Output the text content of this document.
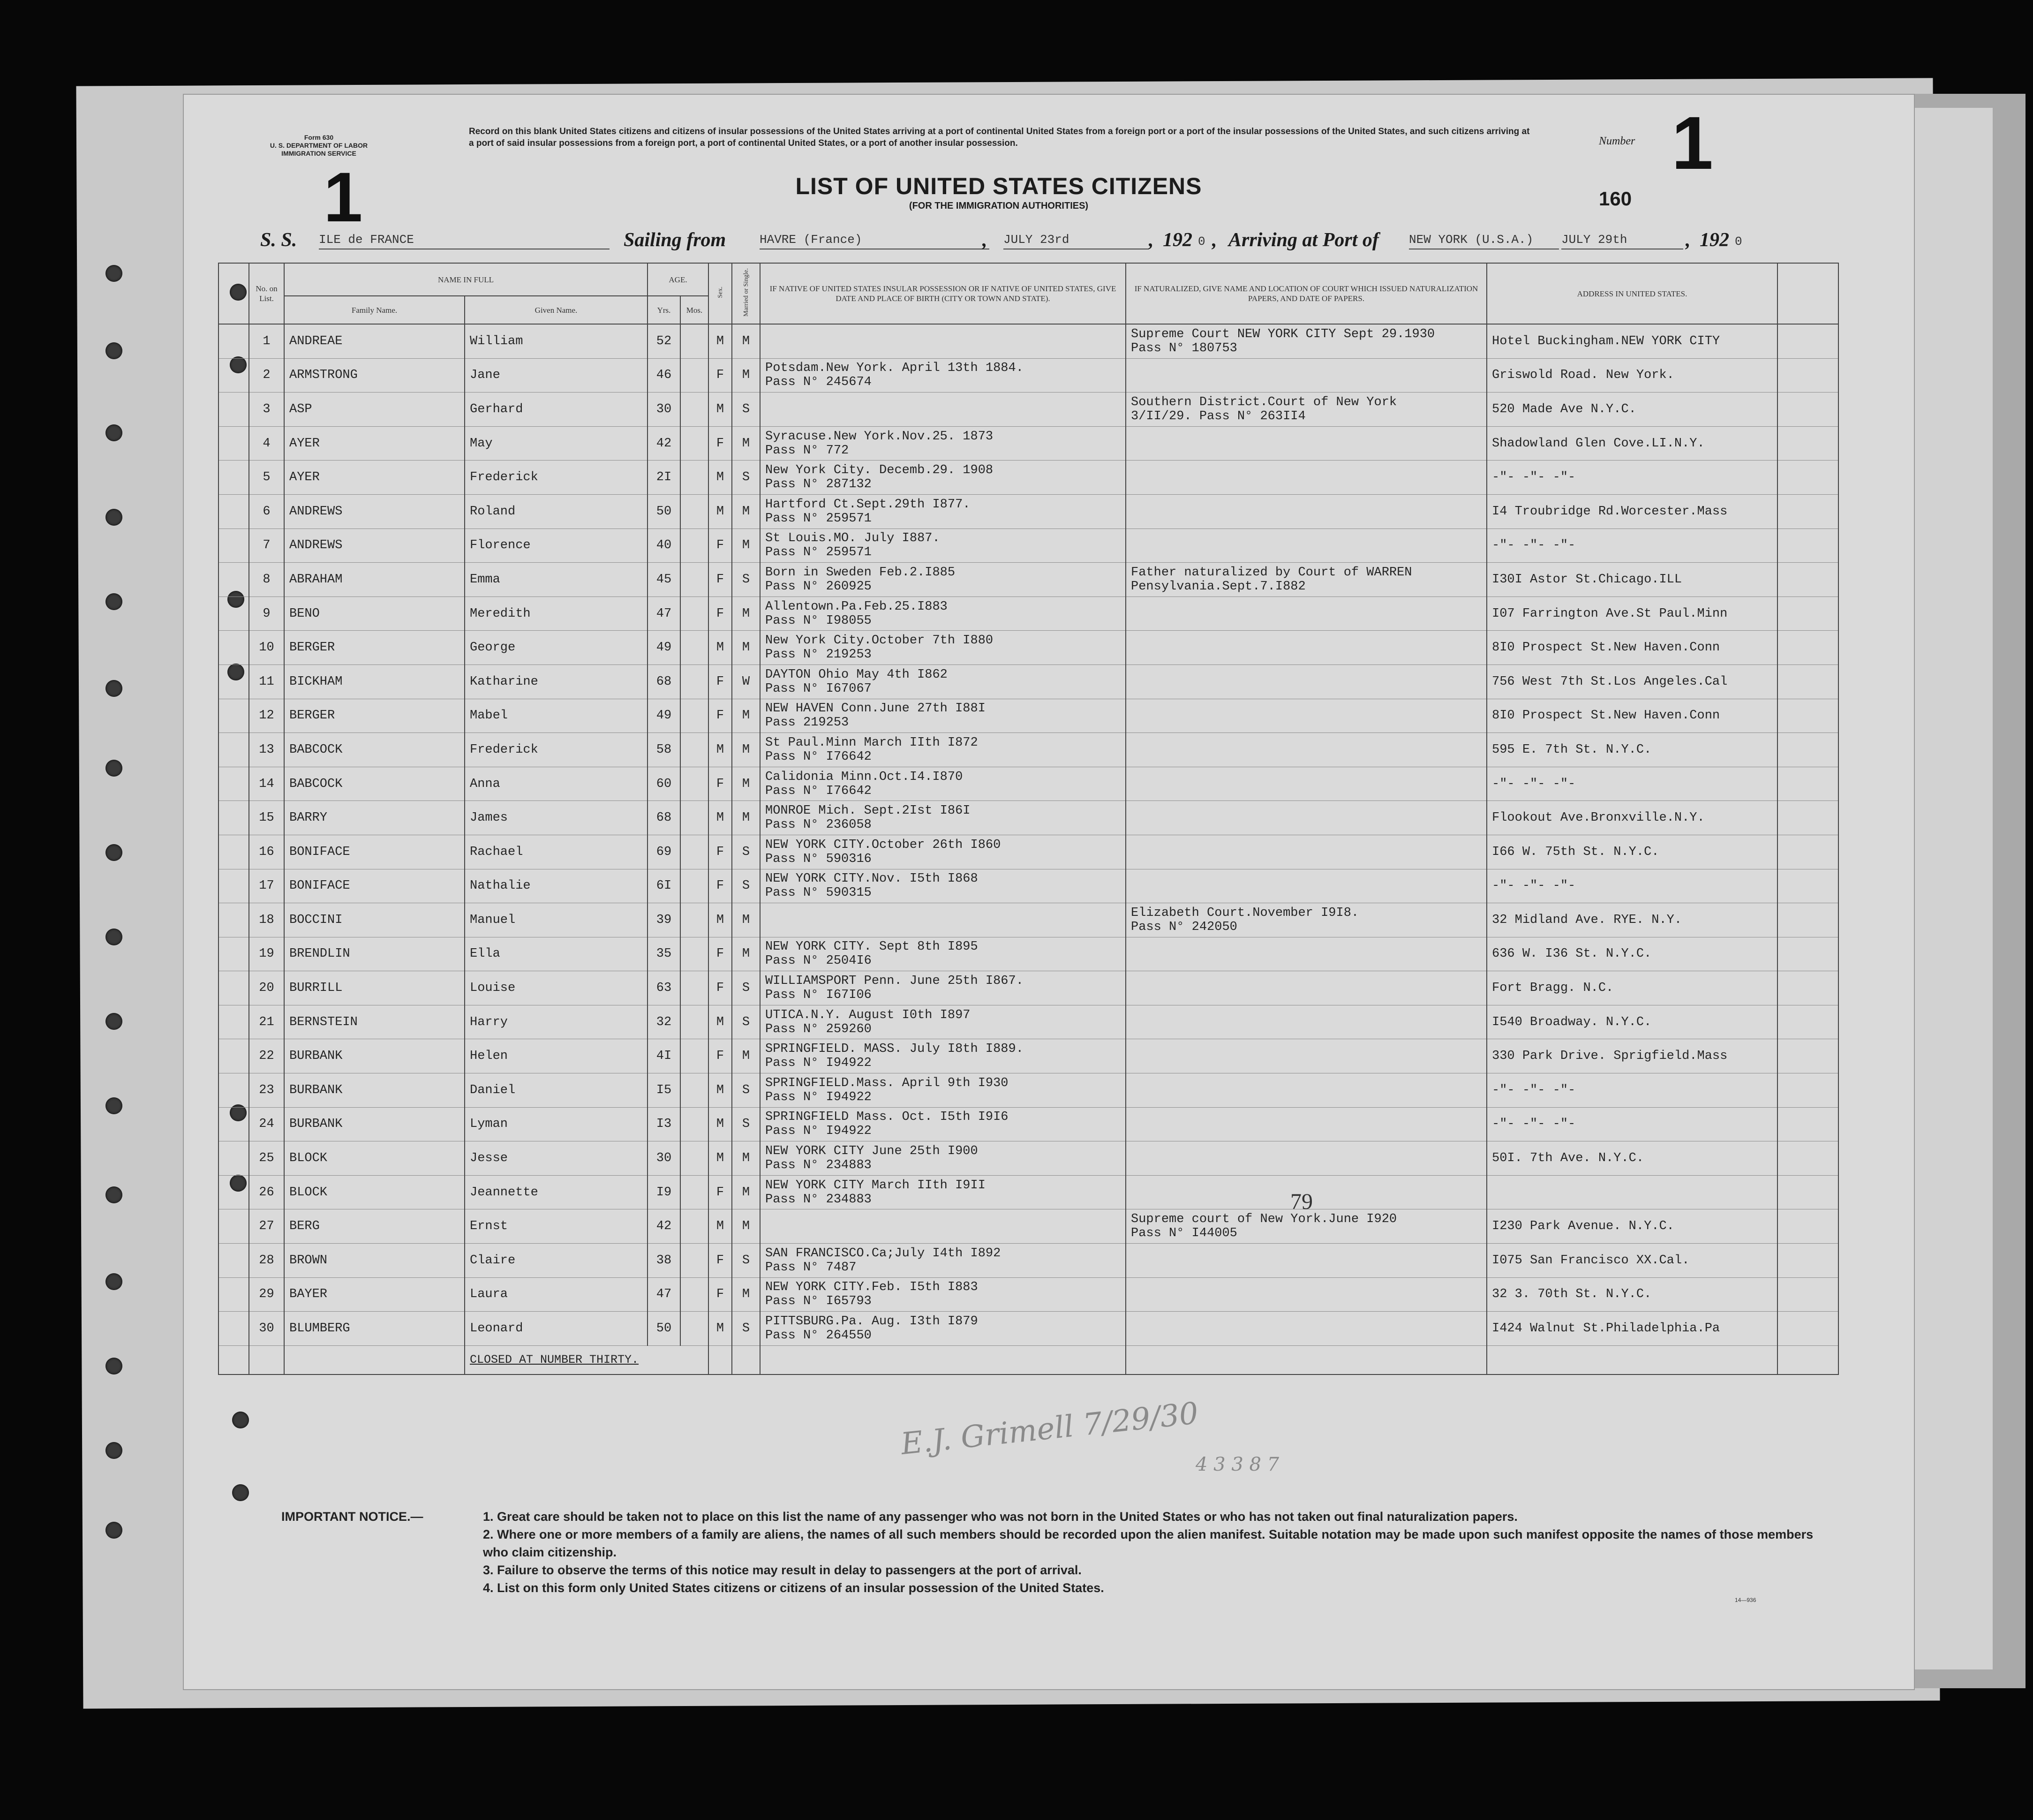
Form 630
U. S. DEPARTMENT OF LABOR
IMMIGRATION SERVICE
1
Record on this blank United States citizens and citizens of insular possessions of the United States arriving at a port of continental United States from a foreign port or a port of the insular possessions of the United States, and such citizens arriving at a port of said insular possessions from a foreign port, a port of continental United States, or a port of another insular possession.	Number 1
160
LIST OF UNITED STATES CITIZENS
(FOR THE IMMIGRATION AUTHORITIES)
S. S. ILE de FRANCE	Sailing from	HAVRE (France)	, JULY 23rd	, 192 0 , Arriving at Port of NEW YORK (U.S.A.)	JULY 29th	, 192 0
	No. on List.	NAME IN FULL		AGE.		Sex.	Married or Single.	IF NATIVE OF UNITED STATES INSULAR POSSESSION OR IF NATIVE OF UNITED STATES, GIVE DATE AND PLACE OF BIRTH (CITY OR TOWN AND STATE).	IF NATURALIZED, GIVE NAME AND LOCATION OF COURT WHICH ISSUED NATURALIZATION PAPERS, AND DATE OF PAPERS.	ADDRESS IN UNITED STATES.	
		Family Name.	Given Name.	Yrs.	Mos.						
	1	ANDREAE	William	52		M	M		Supreme Court NEW YORK CITY Sept 29.1930
Pass N° 180753	Hotel Buckingham.NEW YORK CITY	
	2	ARMSTRONG	Jane	46		F	M	Potsdam.New York. April 13th 1884.
Pass N° 245674		Griswold Road. New York.	
	3	ASP	Gerhard	30		M	S		Southern District.Court of New York
3/II/29. Pass N° 263II4	520 Made Ave N.Y.C.	
	4	AYER	May	42		F	M	Syracuse.New York.Nov.25. 1873
Pass N° 772		Shadowland Glen Cove.LI.N.Y.	
	5	AYER	Frederick	2I		M	S	New York City. Decemb.29. 1908
Pass N° 287132		-"- -"- -"-	
	6	ANDREWS	Roland	50		M	M	Hartford Ct.Sept.29th I877.
Pass N° 259571		I4 Troubridge Rd.Worcester.Mass	
	7	ANDREWS	Florence	40		F	M	St Louis.MO. July I887.
Pass N° 259571		-"- -"- -"-	
	8	ABRAHAM	Emma	45		F	S	Born in Sweden Feb.2.I885
Pass N° 260925	Father naturalized by Court of WARREN
Pensylvania.Sept.7.I882	I30I Astor St.Chicago.ILL	
	9	BENO	Meredith	47		F	M	Allentown.Pa.Feb.25.I883
Pass N° I98055		I07 Farrington Ave.St Paul.Minn	
	10	BERGER	George	49		M	M	New York City.October 7th I880
Pass N° 219253		8I0 Prospect St.New Haven.Conn	
	11	BICKHAM	Katharine	68		F	W	DAYTON Ohio May 4th I862
Pass N° I67067		756 West 7th St.Los Angeles.Cal	
	12	BERGER	Mabel	49		F	M	NEW HAVEN Conn.June 27th I88I
Pass 219253		8I0 Prospect St.New Haven.Conn	
	13	BABCOCK	Frederick	58		M	M	St Paul.Minn March IIth I872
Pass N° I76642		595 E. 7th St. N.Y.C.	
	14	BABCOCK	Anna	60		F	M	Calidonia Minn.Oct.I4.I870
Pass N° I76642		-"- -"- -"-	
	15	BARRY	James	68		M	M	MONROE Mich. Sept.2Ist I86I
Pass N° 236058		Flookout Ave.Bronxville.N.Y.	
	16	BONIFACE	Rachael	69		F	S	NEW YORK CITY.October 26th I860
Pass N° 590316		I66 W. 75th St. N.Y.C.	
	17	BONIFACE	Nathalie	6I		F	S	NEW YORK CITY.Nov. I5th I868
Pass N° 590315		-"- -"- -"-	
	18	BOCCINI	Manuel	39		M	M		Elizabeth Court.November I9I8.
Pass N° 242050	32 Midland Ave. RYE. N.Y.	
	19	BRENDLIN	Ella	35		F	M	NEW YORK CITY. Sept 8th I895
Pass N° 2504I6		636 W. I36 St. N.Y.C.	
	20	BURRILL	Louise	63		F	S	WILLIAMSPORT Penn. June 25th I867.
Pass N° I67I06		Fort Bragg. N.C.	
	21	BERNSTEIN	Harry	32		M	S	UTICA.N.Y. August I0th I897
Pass N° 259260		I540 Broadway. N.Y.C.	
	22	BURBANK	Helen	4I		F	M	SPRINGFIELD. MASS. July I8th I889.
Pass N° I94922		330 Park Drive. Sprigfield.Mass	
	23	BURBANK	Daniel	I5		M	S	SPRINGFIELD.Mass. April 9th I930
Pass N° I94922		-"- -"- -"-	
	24	BURBANK	Lyman	I3		M	S	SPRINGFIELD Mass. Oct. I5th I9I6
Pass N° I94922		-"- -"- -"-	
	25	BLOCK	Jesse	30		M	M	NEW YORK CITY June 25th I900
Pass N° 234883		50I. 7th Ave. N.Y.C.	
	26	BLOCK	Jeannette	I9		F	M	NEW YORK CITY March IIth I9II
Pass N° 234883			

	27	BERG	Ernst	42		M	M		Supreme court of New York.June I920
Pass N° I44005	I230 Park Avenue. N.Y.C.	
	28	BROWN	Claire	38		F	S	SAN FRANCISCO.Ca;July I4th I892
Pass N° 7487		I075 San Francisco XX.Cal.	
	29	BAYER	Laura	47		F	M	NEW YORK CITY.Feb. I5th I883
Pass N° I65793		32 3. 70th St. N.Y.C.	
	30	BLUMBERG	Leonard	50		M	S	PITTSBURG.Pa. Aug. I3th I879
Pass N° 264550		I424 Walnut St.Philadelphia.Pa	
			CLOSED AT NUMBER THIRTY.								
79
E.J. Grimell 7/29/30
4 3 3 8 7
IMPORTANT NOTICE.—	1. Great care should be taken not to place on this list the name of any passenger who was not born in the United States or who has not taken out final naturalization papers.
2. Where one or more members of a family are aliens, the names of all such members should be recorded upon the alien manifest. Suitable notation may be made upon such manifest opposite the names of those members who claim citizenship.
3. Failure to observe the terms of this notice may result in delay to passengers at the port of arrival.
4. List on this form only United States citizens or citizens of an insular possession of the United States.
14—936
